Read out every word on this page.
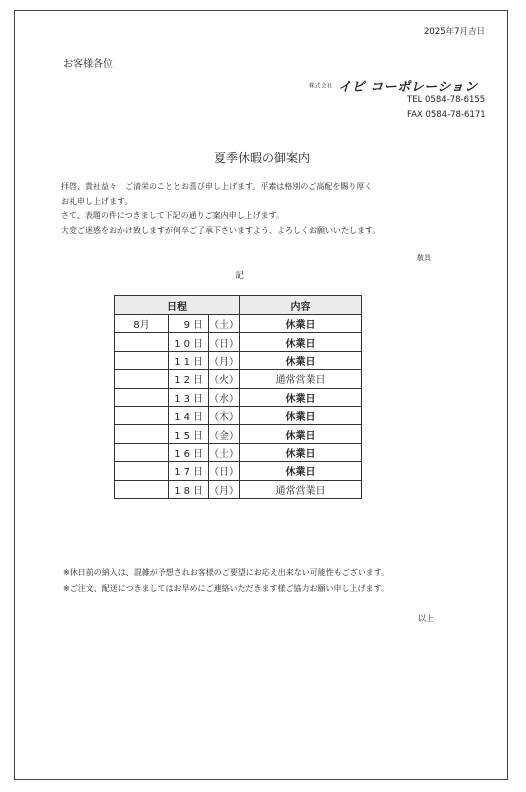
2025年7月吉日
お客様各位
株式会社 イビ コーポレーション
TEL 0584-78-6155
FAX 0584-78-6171
夏季休暇の御案内
拝啓、貴社益々　ご清栄のこととお喜び申し上げます。平素は格別のご高配を賜り厚く
お礼申し上げます。
さて、表題の件につきまして下記の通りご案内申し上げます。
大変ご迷惑をおかけ致しますが何卒ご了承下さいますよう、よろしくお願いいたします。
敬具
記
日程			内容
8月	9日	（土）	休業日
	10日	（日）	休業日
	11日	（月）	休業日
	12日	（火）	通常営業日
	13日	（水）	休業日
	14日	（木）	休業日
	15日	（金）	休業日
	16日	（土）	休業日
	17日	（日）	休業日
	18日	（月）	通常営業日
※休日前の納入は、混雑が予想されお客様のご要望にお応え出来ない可能性もございます。
※ご注文、配送につきましてはお早めにご連絡いただきます様ご協力お願い申し上げます。
以上
